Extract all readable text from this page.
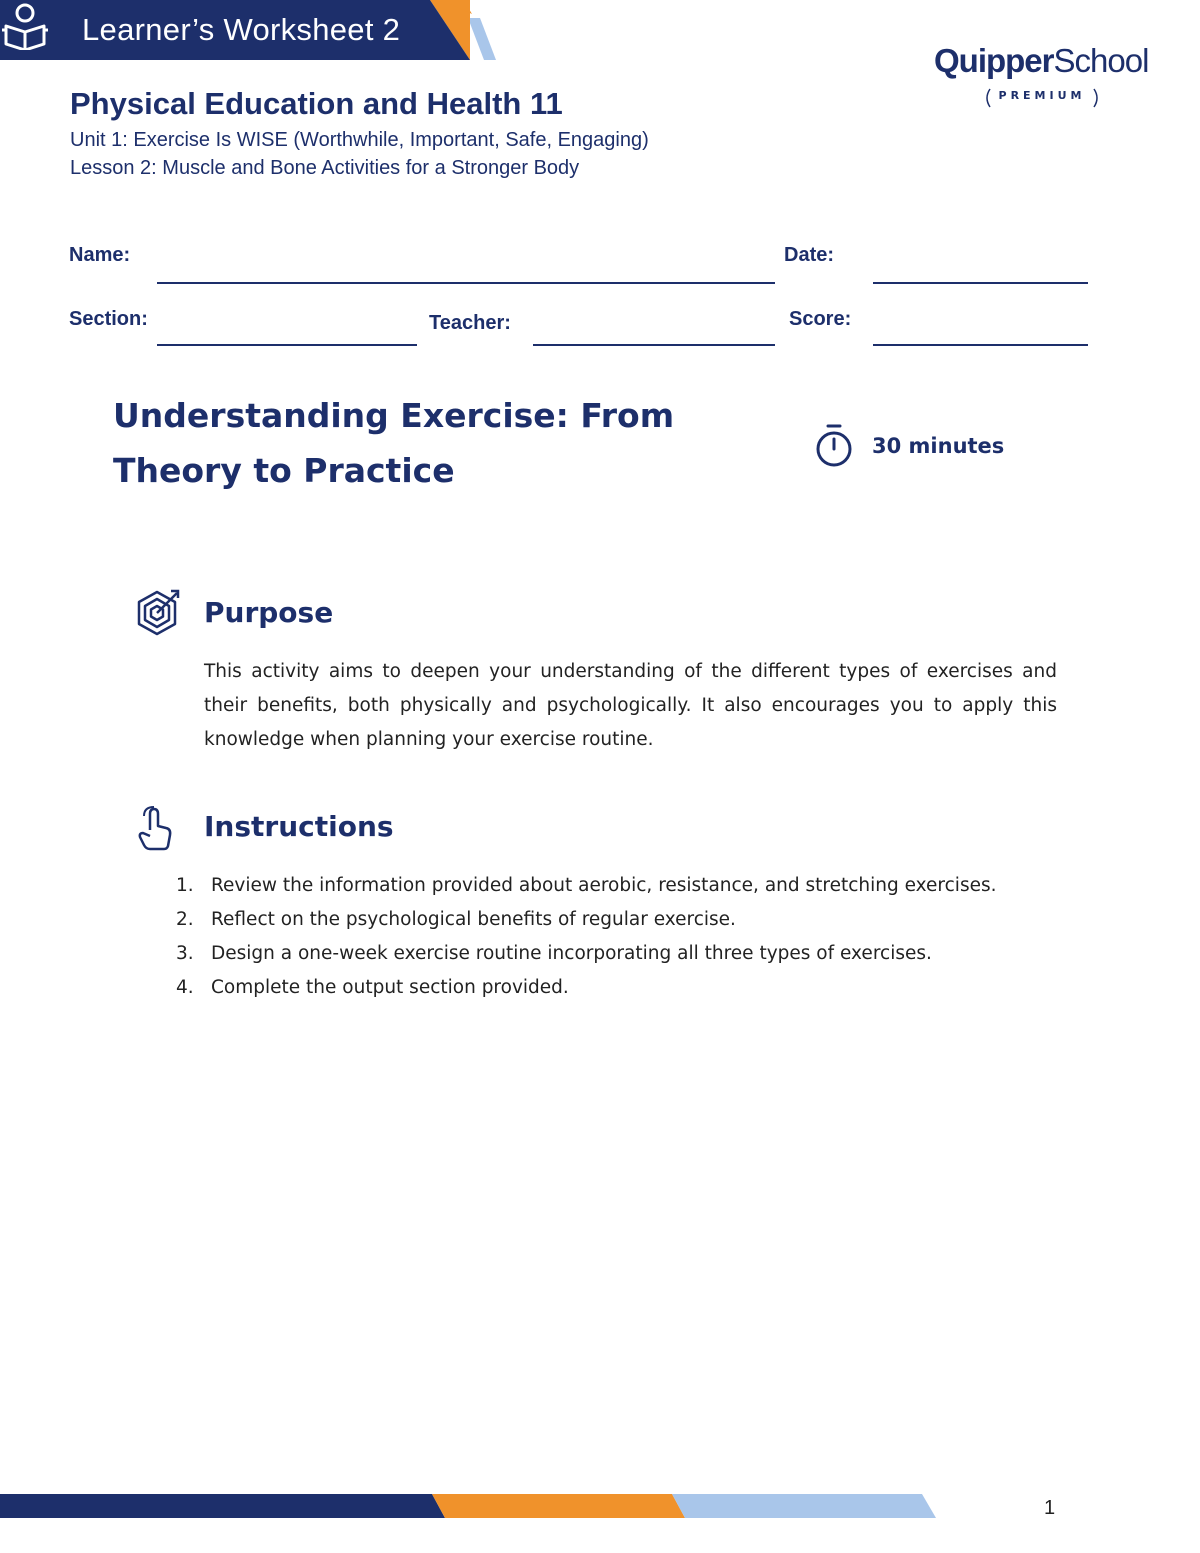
Learner’s Worksheet 2
QuipperSchool
PREMIUM
Physical Education and Health 11
Unit 1: Exercise Is WISE (Worthwhile, Important, Safe, Engaging)
Lesson 2: Muscle and Bone Activities for a Stronger Body
Name:	Date:
Section:	Teacher:	Score:
Understanding Exercise: From Theory to Practice
30 minutes
Purpose
This activity aims to deepen your understanding of the different types of exercises and their benefits, both physically and psychologically. It also encourages you to apply this knowledge when planning your exercise routine.
Instructions
1. Review the information provided about aerobic, resistance, and stretching exercises.
2. Reflect on the psychological benefits of regular exercise.
3. Design a one-week exercise routine incorporating all three types of exercises.
4. Complete the output section provided.
1
